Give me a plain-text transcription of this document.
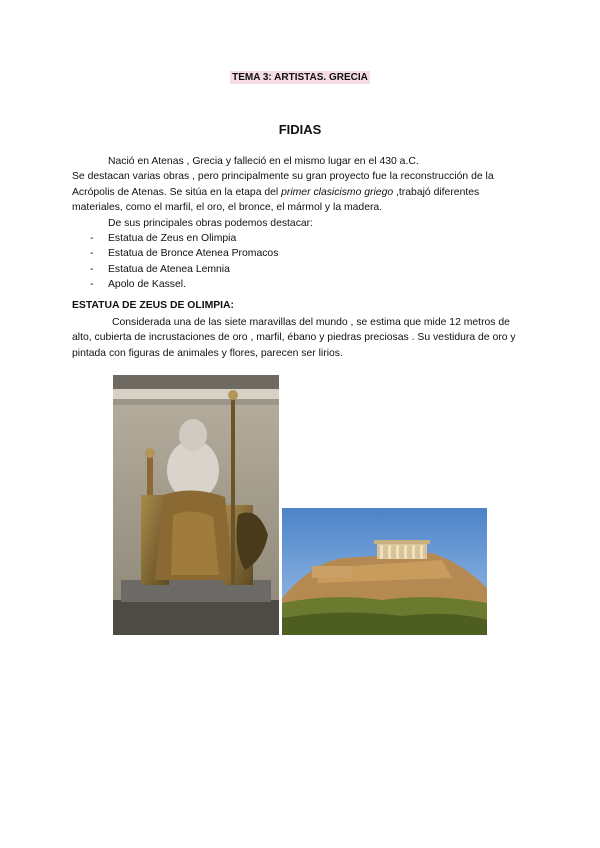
TEMA 3: ARTISTAS. GRECIA
FIDIAS
Nació en Atenas , Grecia y falleció en el mismo lugar en el 430 a.C.
Se destacan varias obras , pero principalmente su gran proyecto fue la reconstrucción de la Acrópolis de Atenas. Se sitúa en la etapa del primer clasicismo griego ,trabajó diferentes materiales, como el marfil, el oro, el bronce, el mármol y la madera.
De sus principales obras podemos destacar:
- Estatua de Zeus en Olimpia
- Estatua de Bronce Atenea Promacos
- Estatua de Atenea Lemnia
- Apolo de Kassel.
ESTATUA DE ZEUS DE OLIMPIA:
Considerada una de las siete maravillas del mundo , se estima que mide 12 metros de alto, cubierta de incrustaciones de oro , marfil, ébano y piedras preciosas . Su vestidura de oro y pintada con figuras de animales y flores, parecen ser lirios.
